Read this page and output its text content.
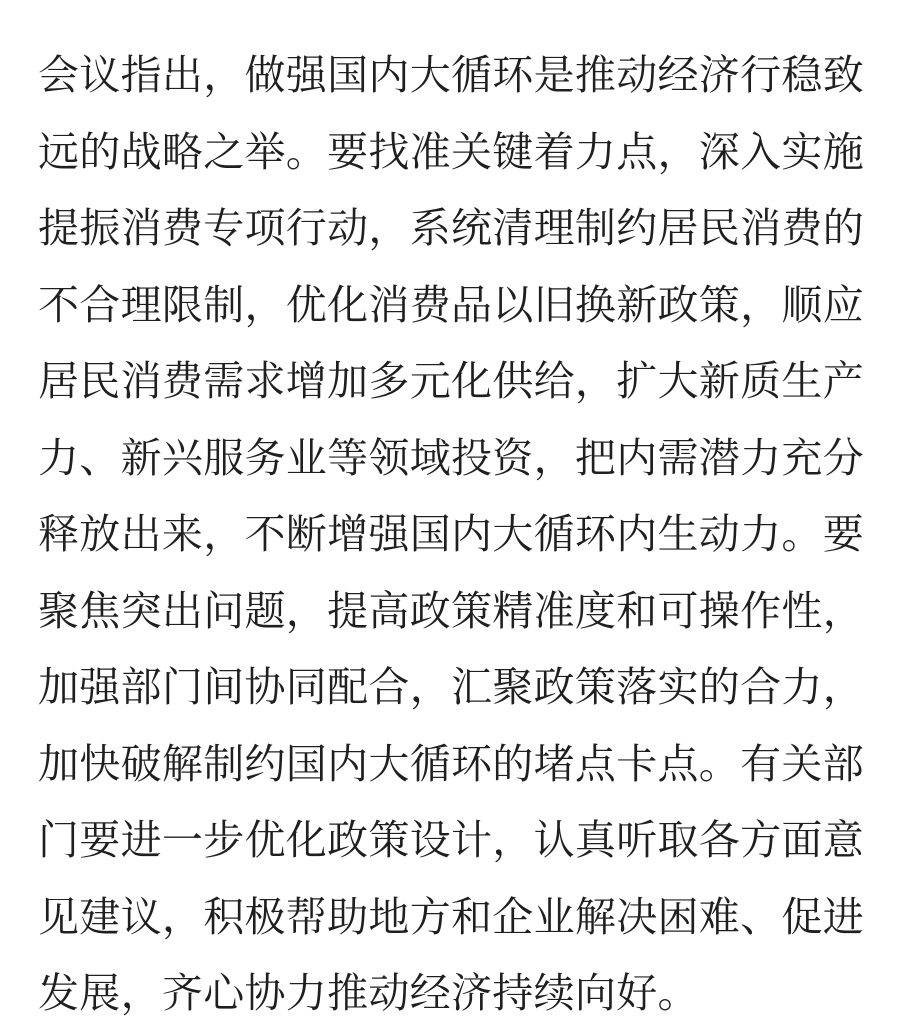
会议指出，做强国内大循环是推动经济行稳致
远的战略之举。要找准关键着力点，深入实施
提振消费专项行动，系统清理制约居民消费的
不合理限制，优化消费品以旧换新政策，顺应
居民消费需求增加多元化供给，扩大新质生产
力、新兴服务业等领域投资，把内需潜力充分
释放出来，不断增强国内大循环内生动力。要
聚焦突出问题，提高政策精准度和可操作性，
加强部门间协同配合，汇聚政策落实的合力，
加快破解制约国内大循环的堵点卡点。有关部
门要进一步优化政策设计，认真听取各方面意
见建议，积极帮助地方和企业解决困难、促进
发展，齐心协力推动经济持续向好。
